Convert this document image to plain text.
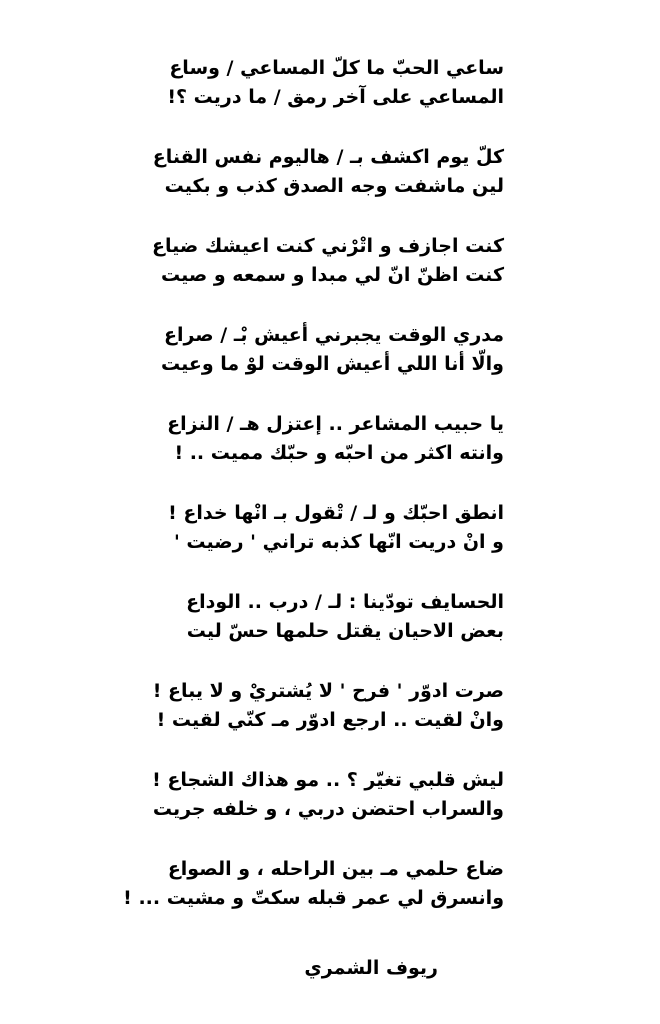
ساعي الحبّ ما كلّ المساعي / وساع
المساعي على آخر رمق / ما دريت ؟!
كلّ يوم اكشف بـ / هاليوم نفس القناع
لين ماشفت وجه الصدق كذب و بكيت
كنت اجازف و اتْرْني كنت اعيشك ضياع
كنت اظنّ انّ لي مبدا و سمعه و صيت
مدري الوقت يجبرني أعيش بْـ / صراع
والّا أنا اللي أعيش الوقت لوْ ما وعيت
يا حبيب المشاعر .. إعتزل هـ / النزاع
وانته اكثر من احبّه و حبّك مميت .. !
انطق احبّك و لـ / تْقول بـ انْها خداع !
و انْ دريت انّها كذبه تراني ' رضيت '
الحسايف تودّينا : لـ / درب .. الوداع
بعض الاحيان يقتل حلمها حسّ ليت
صرت ادوّر ' فرح ' لا يُشتريْ و لا يباع !
وانْ لقيت .. ارجع ادوّر مـ كنّي لقيت !
ليش قلبي تغيّر ؟ .. مو هذاك الشجاع !
والسراب احتضن دربي ، و خلفه جريت
ضاع حلمي مـ بين الراحله ، و الصواع
وانسرق لي عمر قبله سكتّ و مشيت ... !
ريوف الشمري
